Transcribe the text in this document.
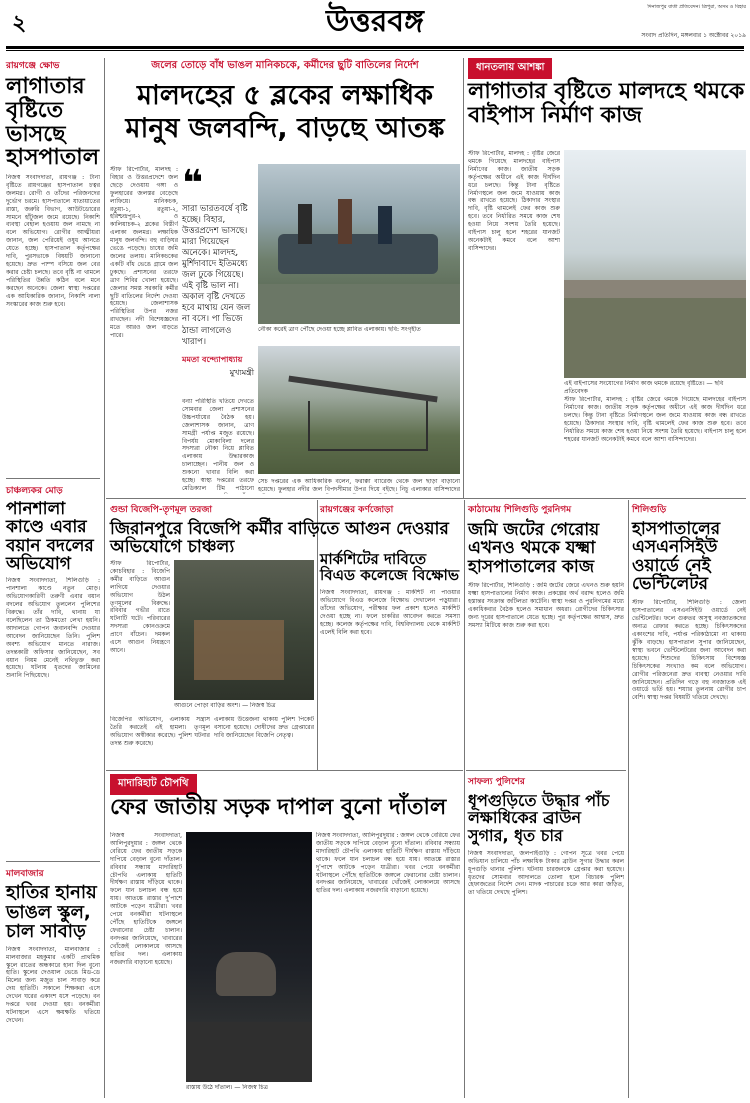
২	উত্তরবঙ্গ	দিনাজপুর বার্তা প্রতিবেদন। ত্রিপুরা, অসম ও বিহার
সংবাদ প্রতিদিন, মঙ্গলবার ১ অক্টোবর ২০১৯
রায়গঞ্জে ক্ষোভ
লাগাতার বৃষ্টিতে ভাসছে হাসপাতাল
নিজস্ব সংবাদদাতা, রায়গঞ্জ : টানা বৃষ্টিতে রায়গঞ্জের হাসপাতাল চত্বর জলমগ্ন। রোগী ও তাঁদের পরিজনদের দুর্ভোগ চরমে। হাসপাতালে যাতায়াতের রাস্তা, জরুরি বিভাগ, আউটডোরের সামনে হাঁটুজল জমে রয়েছে। নিকাশি ব্যবস্থা বেহাল হওয়ায় জল নামছে না বলে অভিযোগ। রোগীর আত্মীয়রা জানান, জল পেরিয়েই ওষুধ আনতে যেতে হচ্ছে। হাসপাতাল কর্তৃপক্ষের দাবি, পুরসভাকে বিষয়টি জানানো হয়েছে। দ্রুত পাম্প বসিয়ে জল বের করার চেষ্টা চলছে। তবে বৃষ্টি না থামলে পরিস্থিতির উন্নতি কঠিন বলে মনে করছেন অনেকে। জেলা স্বাস্থ্য দপ্তরের এক আধিকারিক জানান, নিকাশি নালা সংস্কারের কাজ শুরু হবে।
চাঞ্চল্যকর মোড়
পানশালা কাণ্ডে এবার বয়ান বদলের অভিযোগ
নিজস্ব সংবাদদাতা, শিলিগুড়ি : পানশালা কাণ্ডে নতুন মোড়। অভিযোগকারিণী তরুণী এবার বয়ান বদলের অভিযোগ তুললেন পুলিশের বিরুদ্ধে। তাঁর দাবি, থানায় যা বলেছিলেন তা ঠিকমতো লেখা হয়নি। আদালতে গোপন জবানবন্দি দেওয়ার আবেদন জানিয়েছেন তিনি। পুলিশ অবশ্য অভিযোগ মানতে নারাজ। তদন্তকারী অফিসার জানিয়েছেন, সব বয়ান নিয়ম মেনেই নথিভুক্ত করা হয়েছে। ঘটনায় ধৃতদের জামিনের শুনানি পিছিয়েছে।
মালবাজার
হাতির হানায় ভাঙল স্কুল, চাল সাবাড়
নিজস্ব সংবাদদাতা, মালবাজার : মালবাজার মহকুমার একটি প্রাথমিক স্কুলে রাতের অন্ধকারে হানা দিল বুনো হাতি। স্কুলের দেওয়াল ভেঙে মিড-ডে মিলের জন্য মজুত চাল সাবাড় করে দেয় হাতিটি। সকালে শিক্ষকরা এসে দেখেন ঘরের একাংশ ধসে পড়েছে। বন দপ্তরে খবর দেওয়া হয়। বনকর্মীরা ঘটনাস্থলে এসে ক্ষয়ক্ষতি খতিয়ে দেখেন।
জলের তোড়ে বাঁধ ভাঙল মানিকচকে, কর্মীদের ছুটি বাতিলের নির্দেশ
মালদহের ৫ ব্লকের লক্ষাধিক
মানুষ জলবন্দি, বাড়ছে আতঙ্ক
স্টাফ রিপোর্টার, মালদহ : বিহার ও উত্তরপ্রদেশে জল ছেড়ে দেওয়ায় গঙ্গা ও ফুলহারের জলস্তর বেড়েছে লাফিয়ে। মানিকচক, রতুয়া-১, রতুয়া-২, হরিশ্চন্দ্রপুর-২ ও কালিয়াচক-২ ব্লকের বিস্তীর্ণ এলাকা জলমগ্ন। লক্ষাধিক মানুষ জলবন্দি। বহু বাড়িঘর ভেঙে পড়েছে। চাষের জমি জলের তলায়। মানিকচকের একটি বাঁধ ভেঙে গ্রামে জল ঢুকছে। প্রশাসনের তরফে ত্রাণ শিবির খোলা হয়েছে। জেলার সমস্ত সরকারি কর্মীর ছুটি বাতিলের নির্দেশ দেওয়া হয়েছে। জেলাশাসক পরিস্থিতির উপর নজর রাখছেন। নদী বিশেষজ্ঞদের মতে আরও জল বাড়তে পারে।
❝
সারা ভারতবর্ষে বৃষ্টি হচ্ছে। বিহার, উত্তরপ্রদেশ ভাসছে। মারা গিয়েছেন অনেকে। মালদহ, মুর্শিদাবাদে ইতিমধ্যে জল ঢুকে গিয়েছে। এই বৃষ্টি ভাল না। অকাল বৃষ্টি দেখতে হবে মাথায় যেন জল না বসে। পা ভিজে ঠান্ডা লাগলেও খারাপ।
মমতা বন্দ্যোপাধ্যায়
মুখ্যমন্ত্রী
বন্যা পরিস্থিতি খতিয়ে দেখতে সোমবার জেলা প্রশাসনের উচ্চপর্যায়ের বৈঠক হয়। জেলাশাসক জানান, ত্রাণ সামগ্রী পর্যাপ্ত মজুত রয়েছে। বিপর্যয় মোকাবিলা দলের সদস্যরা নৌকা নিয়ে প্লাবিত এলাকায় উদ্ধারকাজ চালাচ্ছেন। পানীয় জল ও শুকনো খাবার বিলি করা হচ্ছে। স্বাস্থ্য দপ্তরের তরফে মেডিক্যাল টিম পাঠানো
নৌকা করেই ত্রাণ পৌঁছে দেওয়া হচ্ছে প্লাবিত এলাকায়। ছবি: সংগৃহীত
সেচ দপ্তরের এক আধিকারিক বলেন, ফরাক্কা ব্যারেজ থেকে জল ছাড়া বাড়ানো হয়েছে। ফুলহার নদীর জল বিপদসীমার উপর দিয়ে বইছে। নিচু এলাকার বাসিন্দাদের
ধানতলায় আশঙ্কা
লাগাতার বৃষ্টিতে মালদহে থমকে বাইপাস নির্মাণ কাজ
স্টাফ রিপোর্টার, মালদহ : বৃষ্টির জেরে থমকে গিয়েছে মালদহের বাইপাস নির্মাণের কাজ। জাতীয় সড়ক কর্তৃপক্ষের অধীনে এই কাজ দীর্ঘদিন ধরে চলছে। কিন্তু টানা বৃষ্টিতে নির্মাণস্থলে জল জমে যাওয়ায় কাজ বন্ধ রাখতে হয়েছে। ঠিকাদার সংস্থার দাবি, বৃষ্টি থামলেই ফের কাজ শুরু হবে। তবে নির্ধারিত সময়ে কাজ শেষ হওয়া নিয়ে সংশয় তৈরি হয়েছে। বাইপাস চালু হলে শহরের যানজট অনেকটাই কমবে বলে আশা বাসিন্দাদের।
এই বাইপাসের সংযোগের নির্মাণ কাজ থমকে রয়েছে বৃষ্টিতে। — ছবি প্রতিবেদক
স্টাফ রিপোর্টার, মালদহ : বৃষ্টির জেরে থমকে গিয়েছে মালদহের বাইপাস নির্মাণের কাজ। জাতীয় সড়ক কর্তৃপক্ষের অধীনে এই কাজ দীর্ঘদিন ধরে চলছে। কিন্তু টানা বৃষ্টিতে নির্মাণস্থলে জল জমে যাওয়ায় কাজ বন্ধ রাখতে হয়েছে। ঠিকাদার সংস্থার দাবি, বৃষ্টি থামলেই ফের কাজ শুরু হবে। তবে নির্ধারিত সময়ে কাজ শেষ হওয়া নিয়ে সংশয় তৈরি হয়েছে। বাইপাস চালু হলে শহরের যানজট অনেকটাই কমবে বলে আশা বাসিন্দাদের।
গুন্ডা বিজেপি-তৃণমূল তরজা
জিরানপুরে বিজেপি কর্মীর বাড়িতে আগুন দেওয়ার অভিযোগে চাঞ্চল্য
স্টাফ রিপোর্টার, কোচবিহার : বিজেপি কর্মীর বাড়িতে আগুন লাগিয়ে দেওয়ার অভিযোগ উঠল তৃণমূলের বিরুদ্ধে। রবিবার গভীর রাতে ঘটনাটি ঘটে। পরিবারের সদস্যরা কোনওক্রমে প্রাণে বাঁচেন। দমকল এসে আগুন নিয়ন্ত্রণে আনে।
আগুনে পোড়া বাড়ির অংশ। — নিজস্ব চিত্র
বিজেপির অভিযোগ, এলাকায় সন্ত্রাস তৈরি করতেই এই হামলা। তৃণমূল অভিযোগ অস্বীকার করেছে। পুলিশ ঘটনার তদন্ত শুরু করেছে।
এলাকায় উত্তেজনা থাকায় পুলিশ পিকেট বসানো হয়েছে। দোষীদের দ্রুত গ্রেপ্তারের দাবি জানিয়েছেন বিজেপি নেতৃত্ব।
রায়গঞ্জের কর্ণজোড়া
মার্কশিটের দাবিতে বিএড কলেজে বিক্ষোভ
নিজস্ব সংবাদদাতা, রায়গঞ্জ : মার্কশিট না পাওয়ার অভিযোগে বিএড কলেজে বিক্ষোভ দেখালেন পড়ুয়ারা। তাঁদের অভিযোগ, পরীক্ষার ফল প্রকাশ হলেও মার্কশিট দেওয়া হচ্ছে না। ফলে চাকরির আবেদন করতে সমস্যা হচ্ছে। কলেজ কর্তৃপক্ষের দাবি, বিশ্ববিদ্যালয় থেকে মার্কশিট এলেই বিলি করা হবে।
কাঠামোয় শিলিগুড়ি পুরনিগম
জমি জটের গেরোয় এখনও থমকে যক্ষ্মা হাসপাতালের কাজ
স্টাফ রিপোর্টার, শিলিগুড়ি : জমি জটের জেরে এখনও শুরু হয়নি যক্ষ্মা হাসপাতালের নির্মাণ কাজ। প্রকল্পের অর্থ বরাদ্দ হলেও জমি হস্তান্তর সংক্রান্ত জটিলতা কাটেনি। স্বাস্থ্য দপ্তর ও পুরনিগমের মধ্যে একাধিকবার বৈঠক হলেও সমাধান অধরা। রোগীদের চিকিৎসার জন্য দূরের হাসপাতালে যেতে হচ্ছে। পুর কর্তৃপক্ষের আশ্বাস, দ্রুত সমস্যা মিটিয়ে কাজ শুরু করা হবে।
শিলিগুড়ি
হাসপাতালের এসএনসিইউ ওয়ার্ডে নেই ভেন্টিলেটর
স্টাফ রিপোর্টার, শিলিগুড়ি : জেলা হাসপাতালের এসএনসিইউ ওয়ার্ডে নেই ভেন্টিলেটর। ফলে গুরুতর অসুস্থ নবজাতকদের অন্যত্র রেফার করতে হচ্ছে। চিকিৎসকদের একাংশের দাবি, পর্যাপ্ত পরিকাঠামো না থাকায় ঝুঁকি বাড়ছে। হাসপাতাল সুপার জানিয়েছেন, স্বাস্থ্য ভবনে ভেন্টিলেটরের জন্য আবেদন করা হয়েছে। শিশুদের চিকিৎসায় বিশেষজ্ঞ চিকিৎসকের সংখ্যাও কম বলে অভিযোগ। রোগীর পরিজনেরা দ্রুত ব্যবস্থা নেওয়ার দাবি জানিয়েছেন। প্রতিদিন গড়ে বহু নবজাতক এই ওয়ার্ডে ভর্তি হয়। শয্যার তুলনায় রোগীর চাপ বেশি। স্বাস্থ্য দপ্তর বিষয়টি খতিয়ে দেখছে।
সাফল্য পুলিশের
ধূপগুড়িতে উদ্ধার পাঁচ লক্ষাধিকের ব্রাউন সুগার, ধৃত চার
নিজস্ব সংবাদদাতা, জলপাইগুড়ি : গোপন সূত্রে খবর পেয়ে অভিযান চালিয়ে পাঁচ লক্ষাধিক টাকার ব্রাউন সুগার উদ্ধার করল ধূপগুড়ি থানার পুলিশ। ঘটনায় চারজনকে গ্রেপ্তার করা হয়েছে। ধৃতদের সোমবার আদালতে তোলা হলে বিচারক পুলিশ হেফাজতের নির্দেশ দেন। মাদক পাচারের চক্রে আর কারা জড়িত, তা খতিয়ে দেখছে পুলিশ।
মাদারিহাট চৌপথি
ফের জাতীয় সড়ক দাপাল বুনো দাঁতাল
নিজস্ব সংবাদদাতা, আলিপুরদুয়ার : জঙ্গল থেকে বেরিয়ে ফের জাতীয় সড়কে দাপিয়ে বেড়াল বুনো দাঁতাল। রবিবার সন্ধ্যায় মাদারিহাট চৌপথি এলাকায় হাতিটি দীর্ঘক্ষণ রাস্তায় দাঁড়িয়ে থাকে। ফলে যান চলাচল বন্ধ হয়ে যায়। আতঙ্কে রাস্তার দু'পাশে আটকে পড়েন যাত্রীরা। খবর পেয়ে বনকর্মীরা ঘটনাস্থলে পৌঁছে হাতিটিকে জঙ্গলে ফেরানোর চেষ্টা চালান। বনদপ্তর জানিয়েছে, খাবারের খোঁজেই লোকালয়ে আসছে হাতির দল। এলাকায় নজরদারি বাড়ানো হয়েছে।
রাস্তায় উঠে দাঁতাল। — নিজস্ব চিত্র
নিজস্ব সংবাদদাতা, আলিপুরদুয়ার : জঙ্গল থেকে বেরিয়ে ফের জাতীয় সড়কে দাপিয়ে বেড়াল বুনো দাঁতাল। রবিবার সন্ধ্যায় মাদারিহাট চৌপথি এলাকায় হাতিটি দীর্ঘক্ষণ রাস্তায় দাঁড়িয়ে থাকে। ফলে যান চলাচল বন্ধ হয়ে যায়। আতঙ্কে রাস্তার দু'পাশে আটকে পড়েন যাত্রীরা। খবর পেয়ে বনকর্মীরা ঘটনাস্থলে পৌঁছে হাতিটিকে জঙ্গলে ফেরানোর চেষ্টা চালান। বনদপ্তর জানিয়েছে, খাবারের খোঁজেই লোকালয়ে আসছে হাতির দল। এলাকায় নজরদারি বাড়ানো হয়েছে।
